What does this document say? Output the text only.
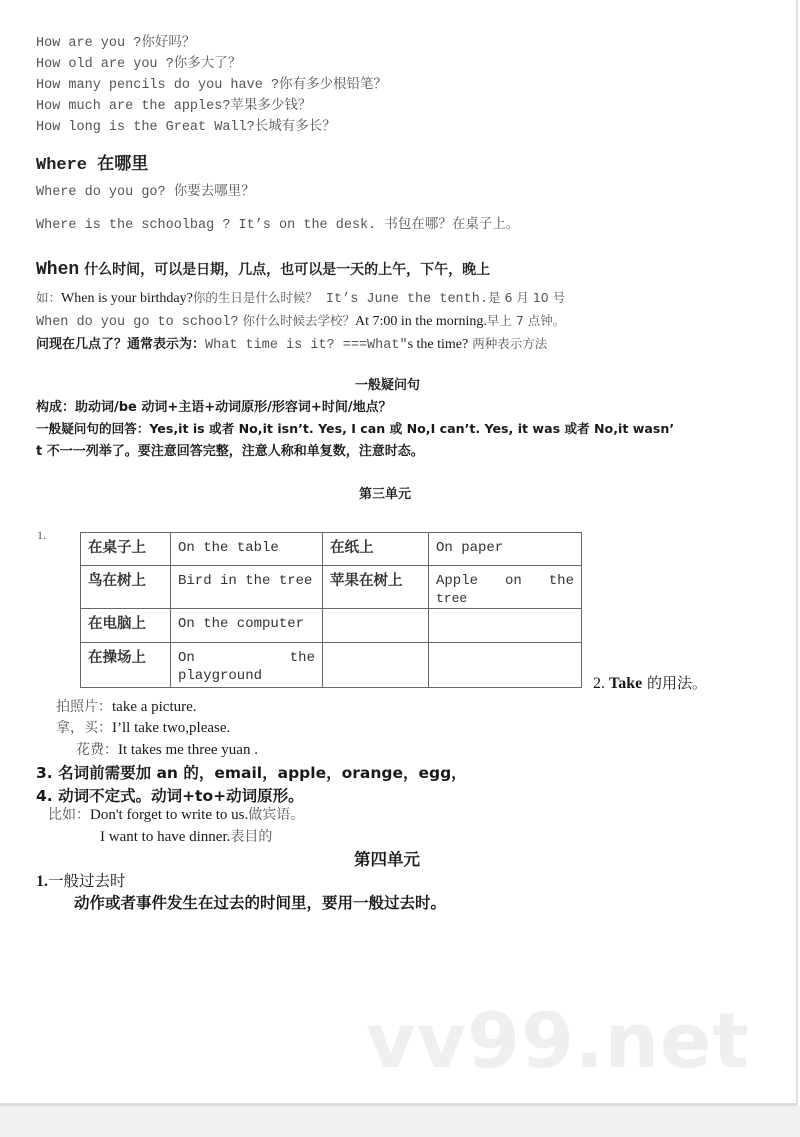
How are you ?你好吗？
How old are you ?你多大了？
How many pencils do you have ?你有多少根铅笔？
How much are the apples?苹果多少钱？
How long is the Great Wall?长城有多长？
Where 在哪里
Where do you go? 你要去哪里？
Where is the schoolbag ? It’s on the desk. 书包在哪？在桌子上。
When 什么时间，可以是日期，几点，也可以是一天的上午，下午，晚上
如：When is your birthday?你的生日是什么时候？ It’s June the tenth.是 6 月 10 号
When do you go to school? 你什么时候去学校？At 7:00 in the morning.早上 7 点钟。
问现在几点了？通常表示为：What time is it? ===What"s the time? 两种表示方法
一般疑问句
构成：助动词/be 动词+主语+动词原形/形容词+时间/地点？
一般疑问句的回答：Yes,it is 或者 No,it isn’t. Yes, I can 或 No,I can’t. Yes, it was 或者 No,it wasn’
t 不一一列举了。要注意回答完整，注意人称和单复数，注意时态。
第三单元
1.
在桌子上	On the table	在纸上	On paper
鸟在树上	Bird in the tree	苹果在树上	Apple on the
tree

在电脑上	On the computer		
在操场上	On the
playground		
			2. Take 的用法。
拍照片：take a picture.
拿，买：I’ll take two,please.
花费：It takes me three yuan .
3. 名词前需要加 an 的，email，apple，orange，egg，
4. 动词不定式。动词+to+动词原形。
比如：Don't forget to write to us.做宾语。
I want to have dinner.表目的
第四单元
1.一般过去时
动作或者事件发生在过去的时间里，要用一般过去时。
vv99.net
